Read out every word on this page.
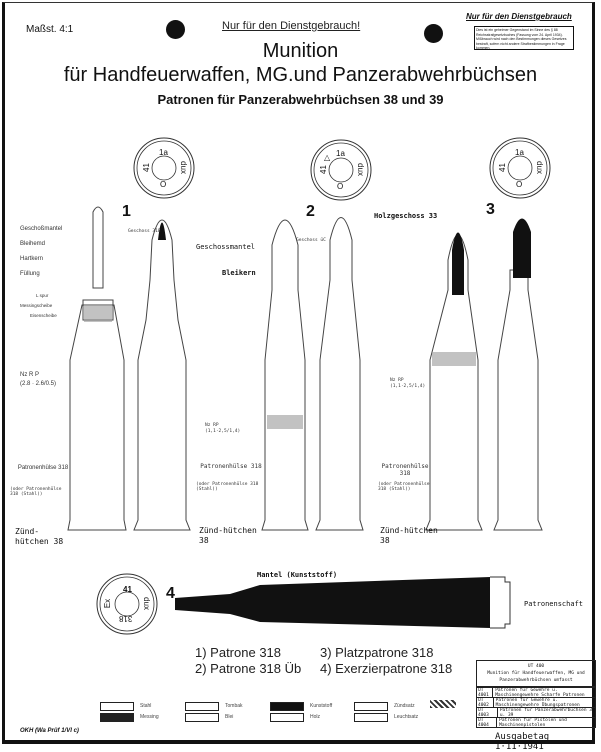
Maßst. 4:1	Nur für den Dienstgebrauch!
Nur für den Dienstgebrauch
Dies ist ein geheimer Gegenstand im Sinne des § 88 Reichsstrafgesetzbuches (Fassung vom 24. April 1934). Mißbrauch wird nach den Bestimmungen dieses Gesetzes bestraft, sofern nicht andere Strafbestimmungen in Frage kommen.
Munition
für Handfeuerwaffen, MG.und Panzerabwehrbüchsen
Patronen für Panzerabwehrbüchsen 38 und 39
1a
41	dux
O
1a
△
41	dux
O
1a
41	dux
O
41
Ex	dux
318
1	2	3
4
Geschoßmantel
Bleihemd
Hartkern
Füllung
L spur
Messingscheibe
Eisenscheibe
Geschoss 318
Nz R P
(2.8 · 2.6/0.5)
Patronenhülse 318
(oder Patronenhülse 318 (Stahl))
Zünd-hütchen 38
Geschossmantel
Bleikern
Geschoss üC
Nz RP
(1,1·2,5/1,4)
Patronenhülse 318
(oder Patronenhülse 318 (Stahl))
Zünd-hütchen 38
Holzgeschoss 33
Nz RP
(1,1·2,5/1,4)
Patronenhülse 318
(oder Patronenhülse 318 (Stahl))
Zünd-hütchen 38
Mantel (Kunststoff)
Patronenschaft
1) Patrone 318
2) Patrone 318 Üb
3) Platzpatrone 318
4) Exerzierpatrone 318
Stahl
Messing
Tombak
Blei
Kunststoff
Holz
Zündsatz
Leuchtsatz
UT 400
Munition für Handfeuerwaffen, MG und
Panzerabwehrbüchsen umfasst
UT 4001
Patronen für Gewehre u. Maschinengewehre Scharfe Patronen
UT 4002
Patronen für Gewehre u. Maschinengewehre Übungspatronen
UT 4003
Patronen für Panzerabwehrbüchsen 38 u. 39
UT 4004
Patronen für Pistolen und Maschinenpistolen
OKH (Wa Prüf 1/VI c)
Ausgabetag 1·11·1941
